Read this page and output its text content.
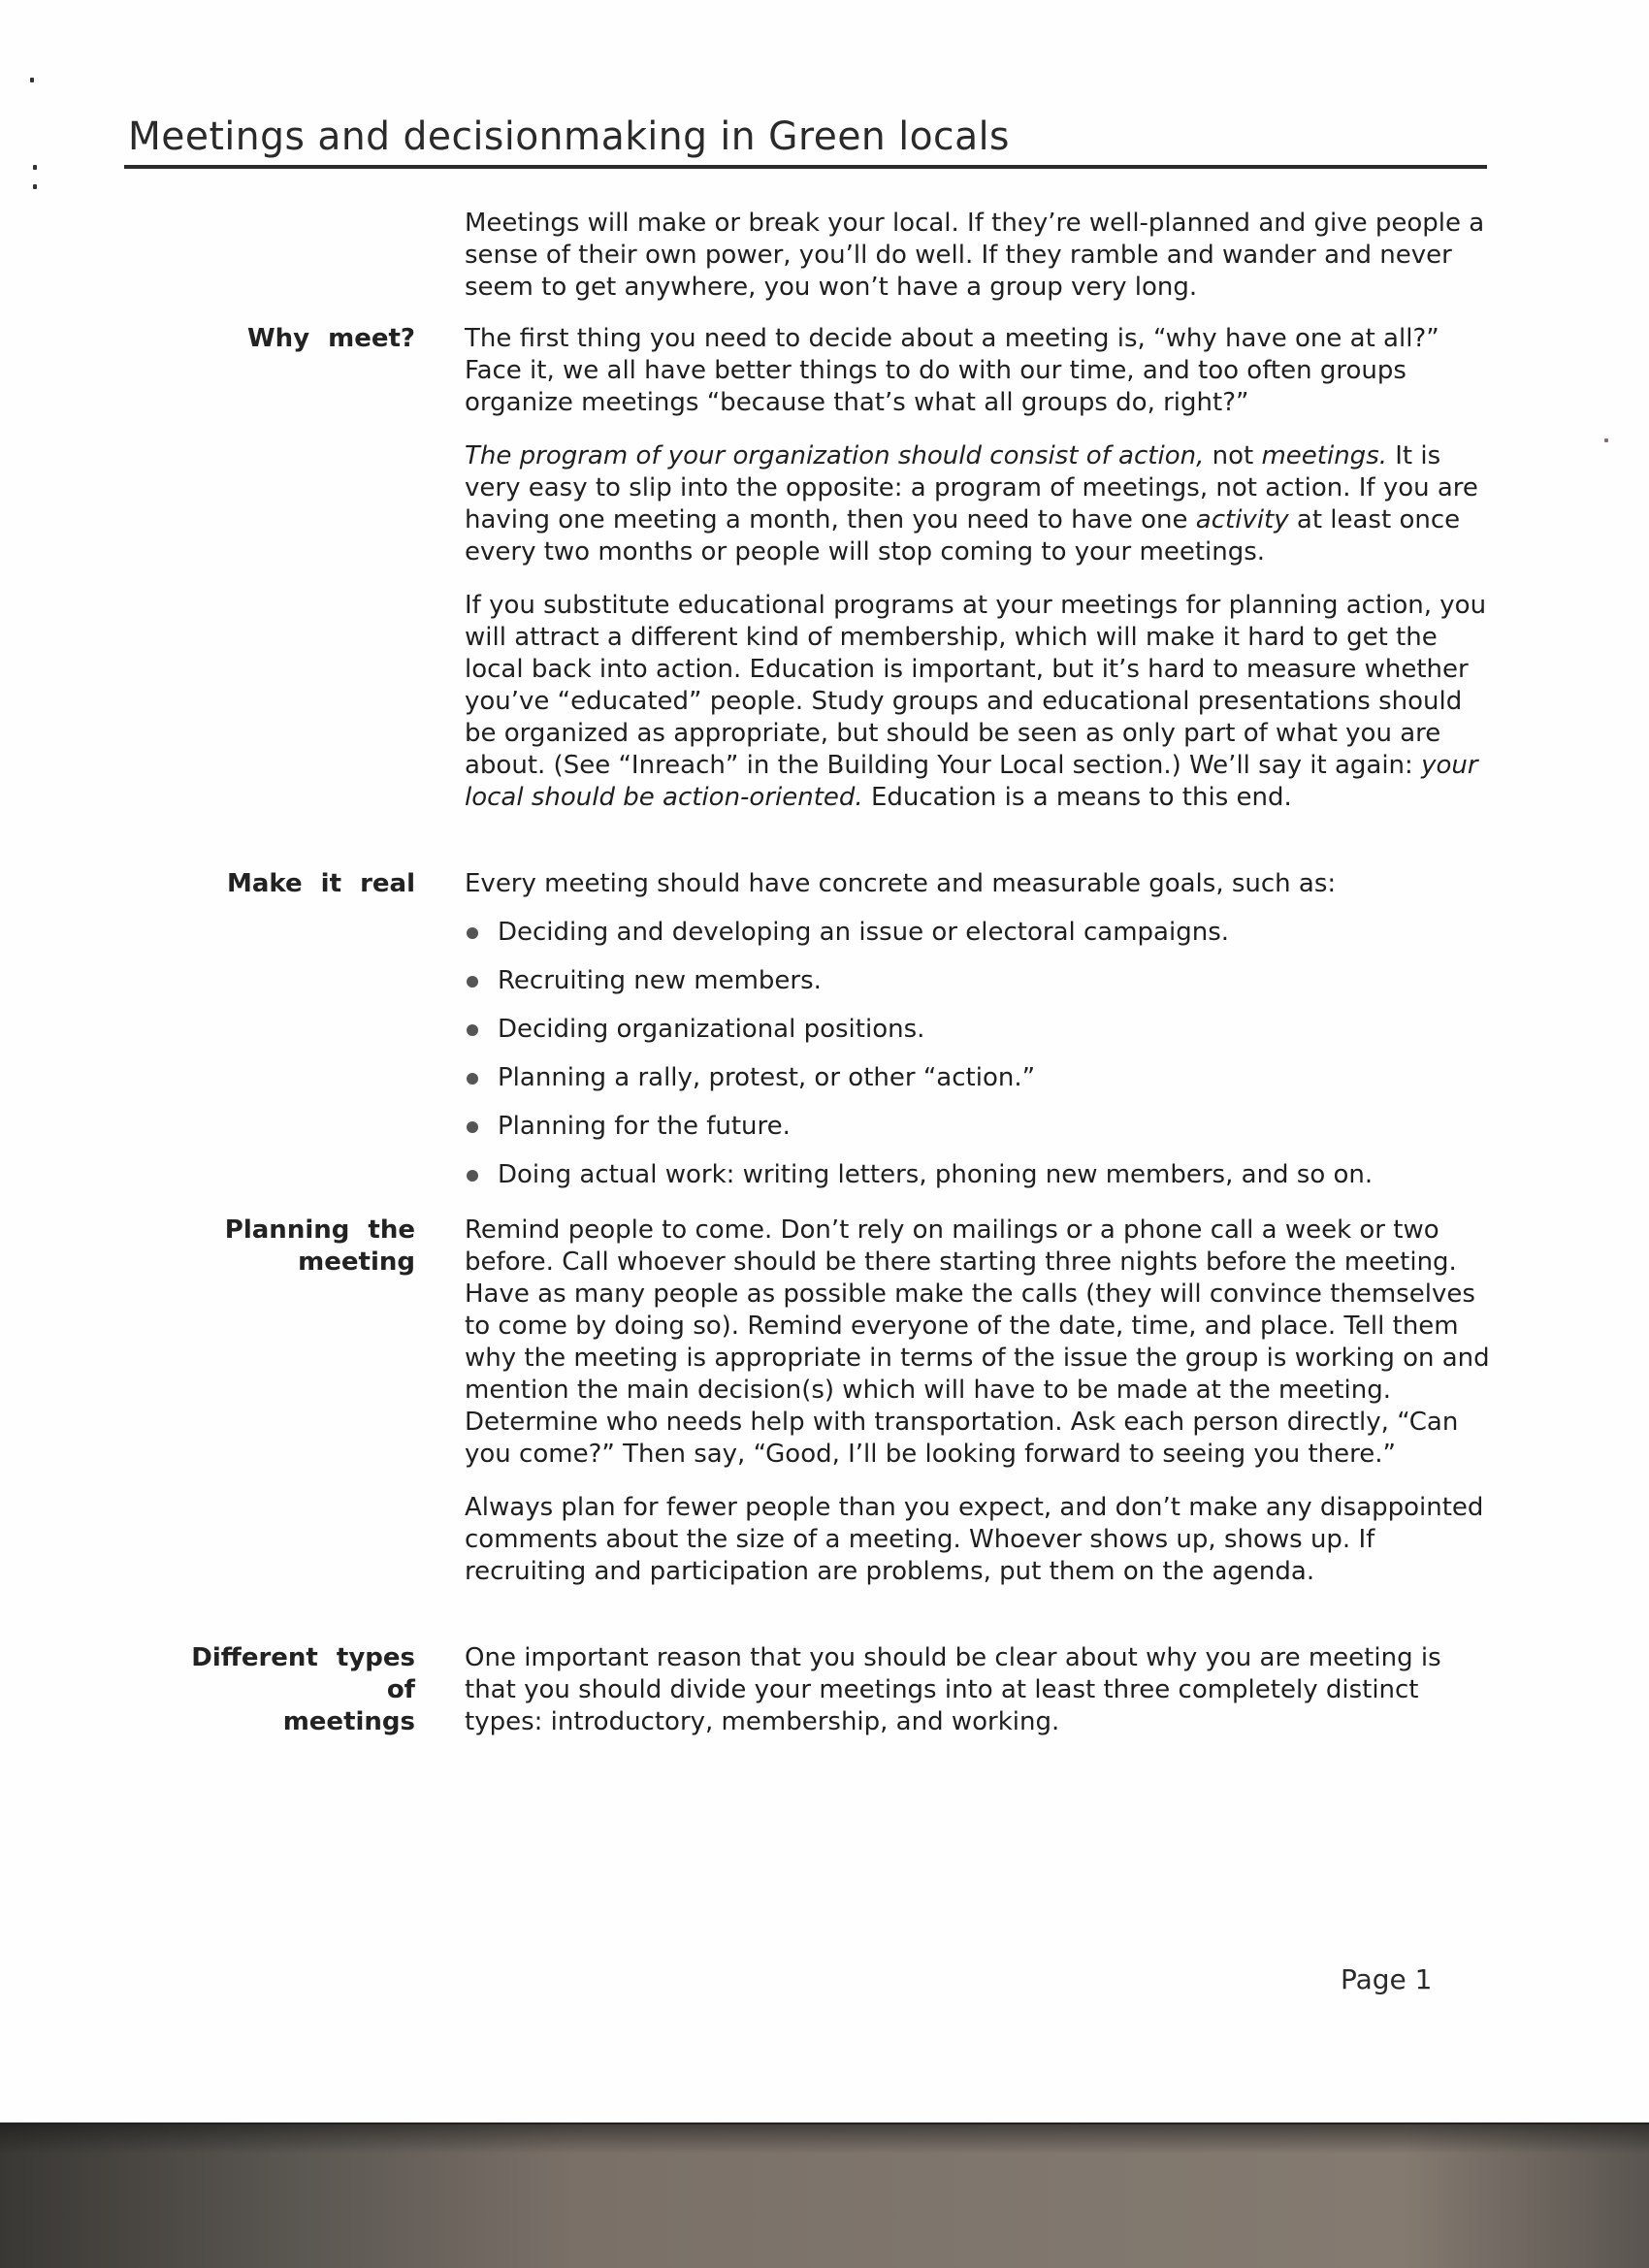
Meetings and decisionmaking in Green locals

Meetings will make or break your local. If they’re well-planned and give people a sense of their own power, you’ll do well. If they ramble and wander and never seem to get anywhere, you won’t have a group very long.

Why meet? The first thing you need to decide about a meeting is, “why have one at all?” Face it, we all have better things to do with our time, and too often groups organize meetings “because that’s what all groups do, right?”

The program of your organization should consist of action, not meetings. It is very easy to slip into the opposite: a program of meetings, not action. If you are having one meeting a month, then you need to have one activity at least once every two months or people will stop coming to your meetings.

If you substitute educational programs at your meetings for planning action, you will attract a different kind of membership, which will make it hard to get the local back into action. Education is important, but it’s hard to measure whether you’ve “educated” people. Study groups and educational presentations should be organized as appropriate, but should be seen as only part of what you are about. (See “Inreach” in the Building Your Local section.) We’ll say it again: your local should be action-oriented. Education is a means to this end.

Make it real Every meeting should have concrete and measurable goals, such as:

Deciding and developing an issue or electoral campaigns.
Recruiting new members.
Deciding organizational positions.
Planning a rally, protest, or other “action.”
Planning for the future.
Doing actual work: writing letters, phoning new members, and so on.
Planning the
meeting

Remind people to come. Don’t rely on mailings or a phone call a week or two before. Call whoever should be there starting three nights before the meeting. Have as many people as possible make the calls (they will convince themselves to come by doing so). Remind everyone of the date, time, and place. Tell them why the meeting is appropriate in terms of the issue the group is working on and mention the main decision(s) which will have to be made at the meeting. Determine who needs help with transportation. Ask each person directly, “Can you come?” Then say, “Good, I’ll be looking forward to seeing you there.”

Always plan for fewer people than you expect, and don’t make any disappointed comments about the size of a meeting. Whoever shows up, shows up. If recruiting and participation are problems, put them on the agenda.

Different types of
meetings

One important reason that you should be clear about why you are meeting is that you should divide your meetings into at least three completely distinct types: introductory, membership, and working.

Page 1
